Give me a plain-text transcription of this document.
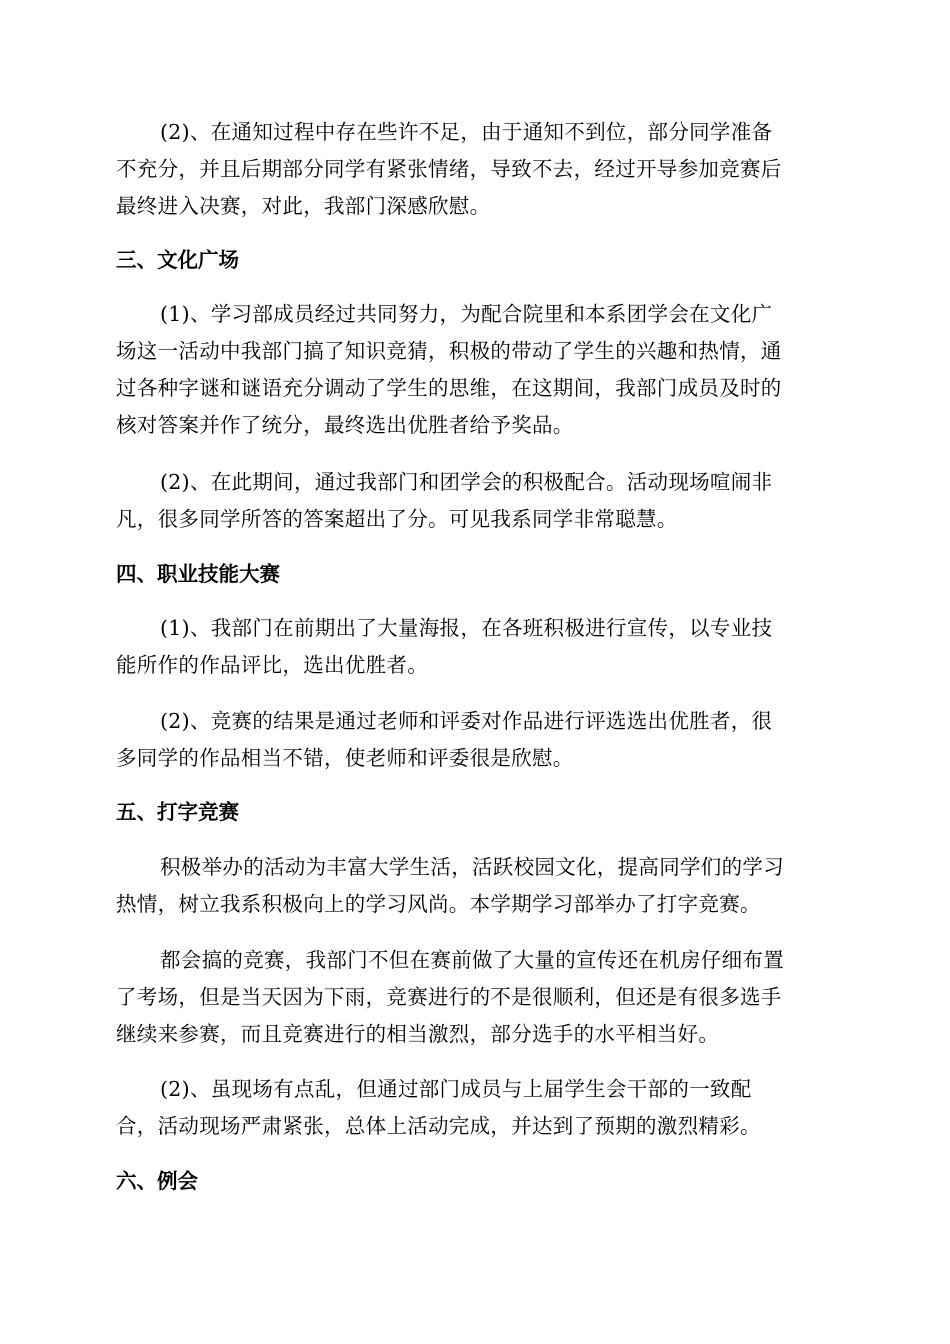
(2)、在通知过程中存在些许不足，由于通知不到位，部分同学准备
不充分，并且后期部分同学有紧张情绪，导致不去，经过开导参加竞赛后
最终进入决赛，对此，我部门深感欣慰。
三、文化广场
(1)、学习部成员经过共同努力，为配合院里和本系团学会在文化广
场这一活动中我部门搞了知识竞猜，积极的带动了学生的兴趣和热情，通
过各种字谜和谜语充分调动了学生的思维，在这期间，我部门成员及时的
核对答案并作了统分，最终选出优胜者给予奖品。
(2)、在此期间，通过我部门和团学会的积极配合。活动现场喧闹非
凡，很多同学所答的答案超出了分。可见我系同学非常聪慧。
四、职业技能大赛
(1)、我部门在前期出了大量海报，在各班积极进行宣传，以专业技
能所作的作品评比，选出优胜者。
(2)、竞赛的结果是通过老师和评委对作品进行评选选出优胜者，很
多同学的作品相当不错，使老师和评委很是欣慰。
五、打字竞赛
积极举办的活动为丰富大学生活，活跃校园文化，提高同学们的学习
热情，树立我系积极向上的学习风尚。本学期学习部举办了打字竞赛。
都会搞的竞赛，我部门不但在赛前做了大量的宣传还在机房仔细布置
了考场，但是当天因为下雨，竞赛进行的不是很顺利，但还是有很多选手
继续来参赛，而且竞赛进行的相当激烈，部分选手的水平相当好。
(2)、虽现场有点乱，但通过部门成员与上届学生会干部的一致配
合，活动现场严肃紧张，总体上活动完成，并达到了预期的激烈精彩。
六、例会
